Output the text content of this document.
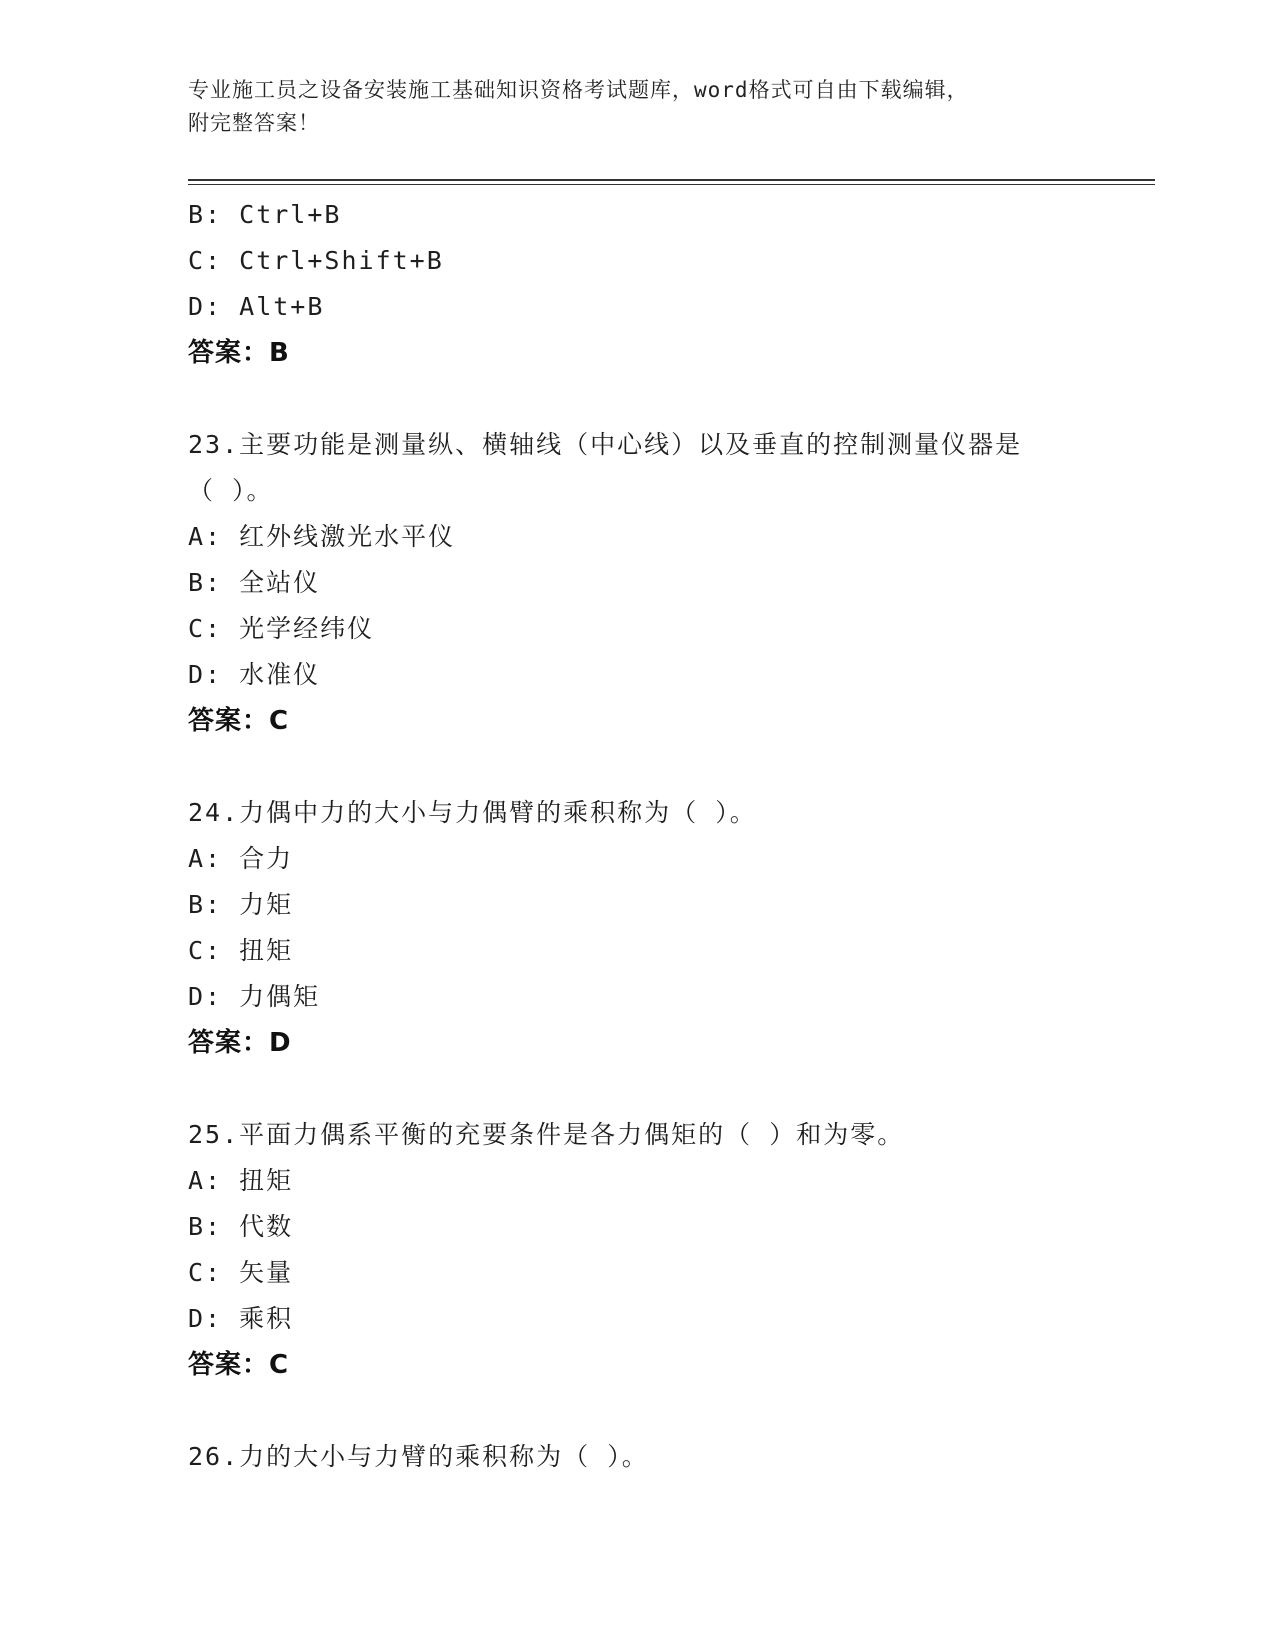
专业施工员之设备安装施工基础知识资格考试题库，word格式可自由下载编辑，
附完整答案！
B: Ctrl+B
C: Ctrl+Shift+B
D: Alt+B
答案：B
23.主要功能是测量纵、横轴线（中心线）以及垂直的控制测量仪器是
（ ）。
A: 红外线激光水平仪
B: 全站仪
C: 光学经纬仪
D: 水准仪
答案：C
24.力偶中力的大小与力偶臂的乘积称为（ ）。
A: 合力
B: 力矩
C: 扭矩
D: 力偶矩
答案：D
25.平面力偶系平衡的充要条件是各力偶矩的（ ）和为零。
A: 扭矩
B: 代数
C: 矢量
D: 乘积
答案：C
26.力的大小与力臂的乘积称为（ ）。
